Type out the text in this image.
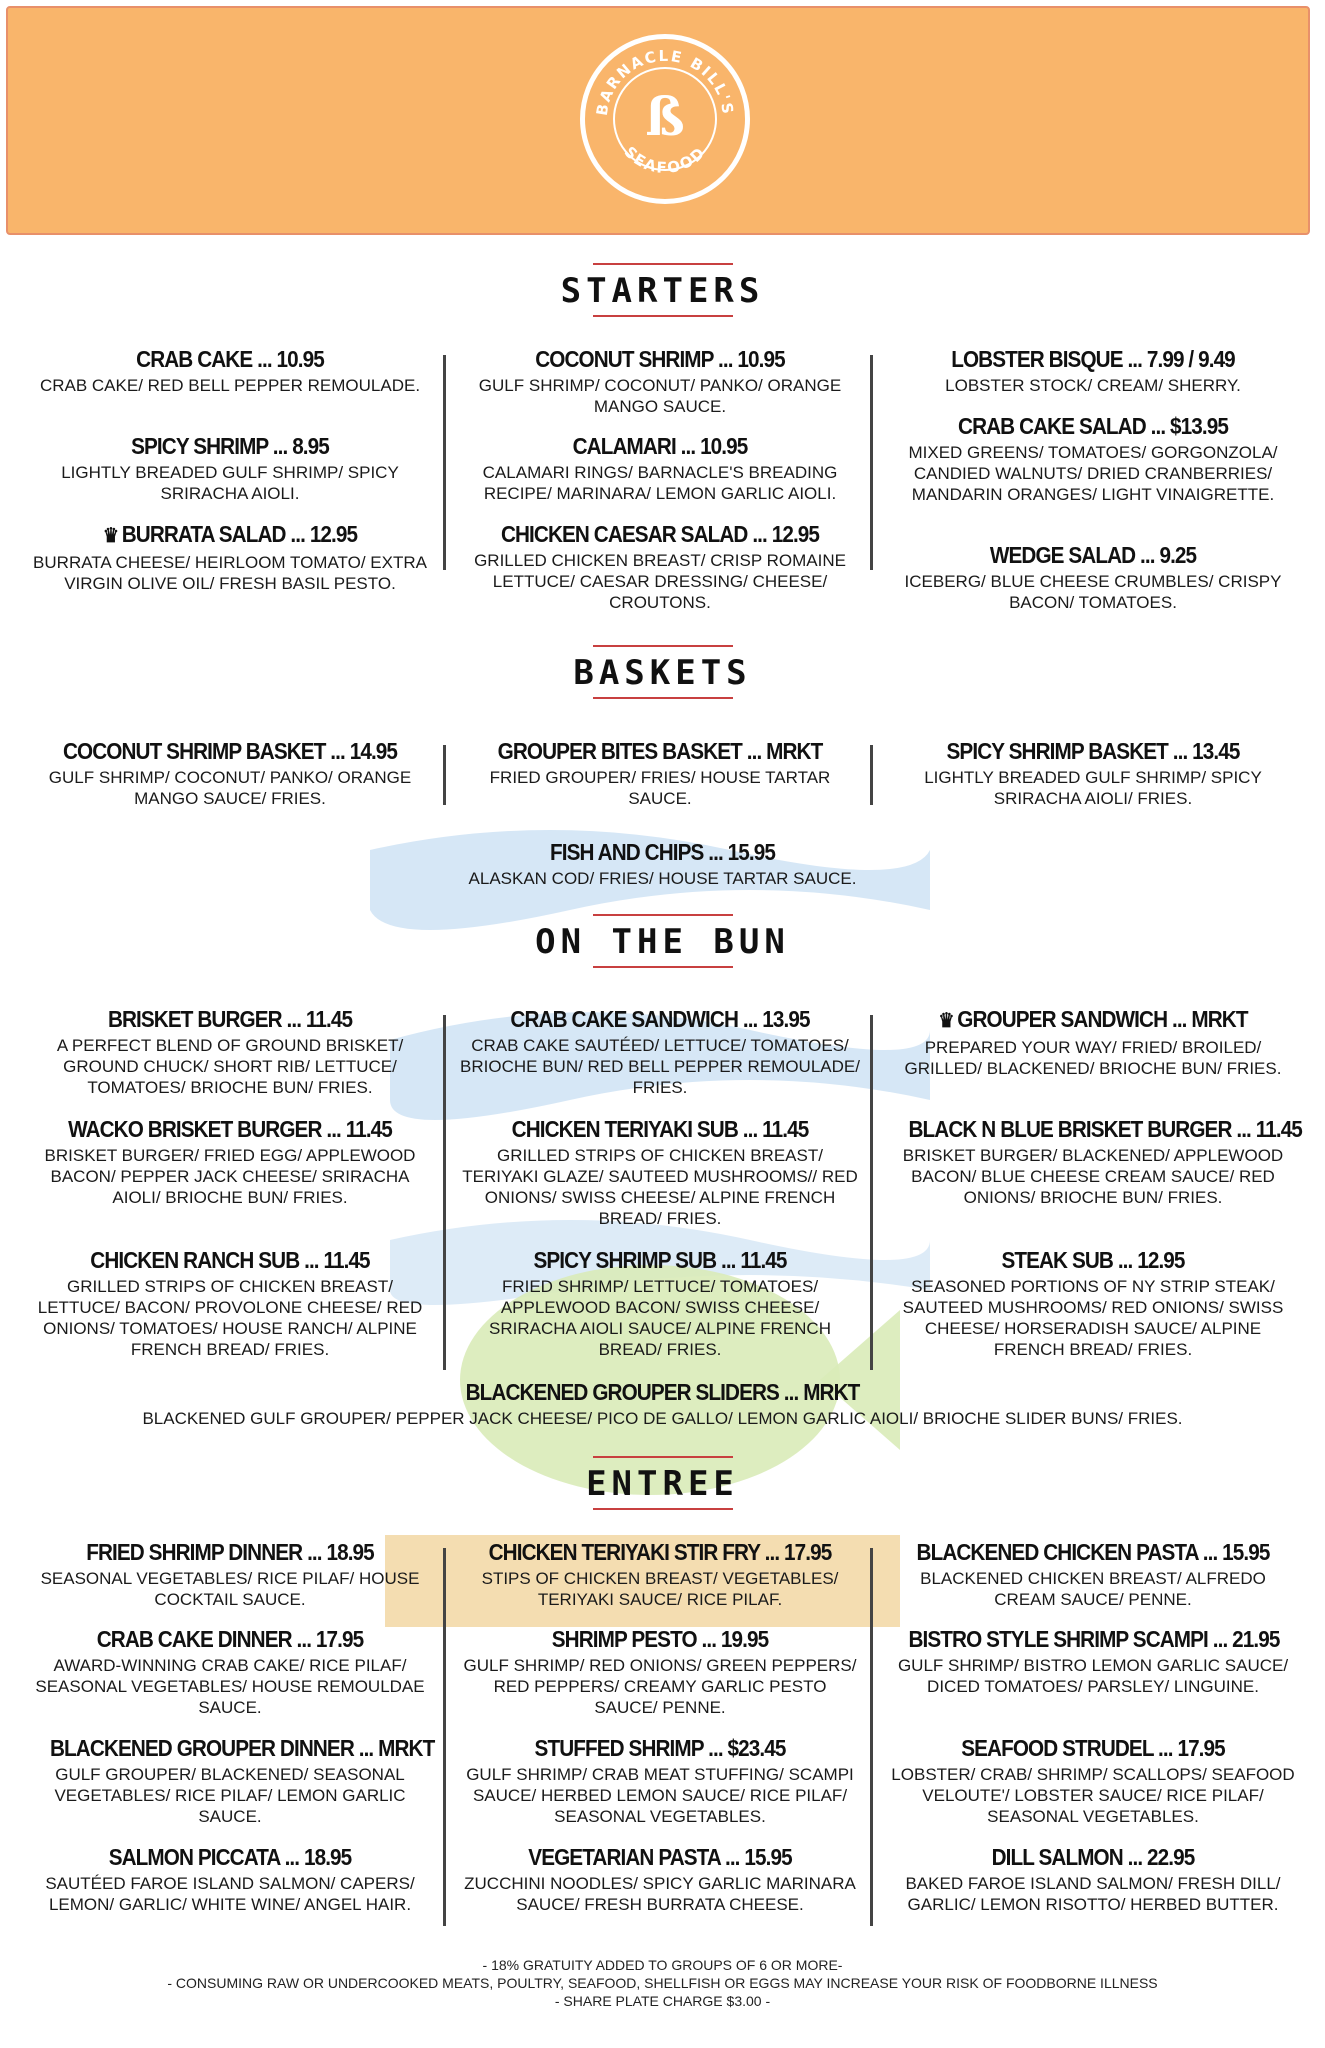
BARNACLE BILL'S
SEAFOOD
ß
STARTERS
CRAB CAKE ... 10.95
CRAB CAKE/ RED BELL PEPPER REMOULADE.
SPICY SHRIMP ... 8.95
LIGHTLY BREADED GULF SHRIMP/ SPICY SRIRACHA AIOLI.
♛ BURRATA SALAD ... 12.95
BURRATA CHEESE/ HEIRLOOM TOMATO/ EXTRA VIRGIN OLIVE OIL/ FRESH BASIL PESTO.
COCONUT SHRIMP ... 10.95
GULF SHRIMP/ COCONUT/ PANKO/ ORANGE MANGO SAUCE.
CALAMARI ... 10.95
CALAMARI RINGS/ BARNACLE'S BREADING RECIPE/ MARINARA/ LEMON GARLIC AIOLI.
CHICKEN CAESAR SALAD ... 12.95
GRILLED CHICKEN BREAST/ CRISP ROMAINE LETTUCE/ CAESAR DRESSING/ CHEESE/ CROUTONS.
LOBSTER BISQUE ... 7.99 / 9.49
LOBSTER STOCK/ CREAM/ SHERRY.
CRAB CAKE SALAD ... $13.95
MIXED GREENS/ TOMATOES/ GORGONZOLA/ CANDIED WALNUTS/ DRIED CRANBERRIES/ MANDARIN ORANGES/ LIGHT VINAIGRETTE.
WEDGE SALAD ... 9.25
ICEBERG/ BLUE CHEESE CRUMBLES/ CRISPY BACON/ TOMATOES.
BASKETS
COCONUT SHRIMP BASKET ... 14.95
GULF SHRIMP/ COCONUT/ PANKO/ ORANGE MANGO SAUCE/ FRIES.
GROUPER BITES BASKET ... MRKT
FRIED GROUPER/ FRIES/ HOUSE TARTAR SAUCE.
SPICY SHRIMP BASKET ... 13.45
LIGHTLY BREADED GULF SHRIMP/ SPICY SRIRACHA AIOLI/ FRIES.
FISH AND CHIPS ... 15.95
ALASKAN COD/ FRIES/ HOUSE TARTAR SAUCE.
ON THE BUN
BRISKET BURGER ... 11.45
A PERFECT BLEND OF GROUND BRISKET/ GROUND CHUCK/ SHORT RIB/ LETTUCE/ TOMATOES/ BRIOCHE BUN/ FRIES.
WACKO BRISKET BURGER ... 11.45
BRISKET BURGER/ FRIED EGG/ APPLEWOOD BACON/ PEPPER JACK CHEESE/ SRIRACHA AIOLI/ BRIOCHE BUN/ FRIES.
CHICKEN RANCH SUB ... 11.45
GRILLED STRIPS OF CHICKEN BREAST/ LETTUCE/ BACON/ PROVOLONE CHEESE/ RED ONIONS/ TOMATOES/ HOUSE RANCH/ ALPINE FRENCH BREAD/ FRIES.
CRAB CAKE SANDWICH ... 13.95
CRAB CAKE SAUTÉED/ LETTUCE/ TOMATOES/ BRIOCHE BUN/ RED BELL PEPPER REMOULADE/ FRIES.
CHICKEN TERIYAKI SUB ... 11.45
GRILLED STRIPS OF CHICKEN BREAST/ TERIYAKI GLAZE/ SAUTEED MUSHROOMS// RED ONIONS/ SWISS CHEESE/ ALPINE FRENCH BREAD/ FRIES.
SPICY SHRIMP SUB ... 11.45
FRIED SHRIMP/ LETTUCE/ TOMATOES/ APPLEWOOD BACON/ SWISS CHEESE/ SRIRACHA AIOLI SAUCE/ ALPINE FRENCH BREAD/ FRIES.
♛ GROUPER SANDWICH ... MRKT
PREPARED YOUR WAY/ FRIED/ BROILED/ GRILLED/ BLACKENED/ BRIOCHE BUN/ FRIES.
BLACK N BLUE BRISKET BURGER ... 11.45
BRISKET BURGER/ BLACKENED/ APPLEWOOD BACON/ BLUE CHEESE CREAM SAUCE/ RED ONIONS/ BRIOCHE BUN/ FRIES.
STEAK SUB ... 12.95
SEASONED PORTIONS OF NY STRIP STEAK/ SAUTEED MUSHROOMS/ RED ONIONS/ SWISS CHEESE/ HORSERADISH SAUCE/ ALPINE FRENCH BREAD/ FRIES.
BLACKENED GROUPER SLIDERS ... MRKT
BLACKENED GULF GROUPER/ PEPPER JACK CHEESE/ PICO DE GALLO/ LEMON GARLIC AIOLI/ BRIOCHE SLIDER BUNS/ FRIES.
ENTREE
FRIED SHRIMP DINNER ... 18.95
SEASONAL VEGETABLES/ RICE PILAF/ HOUSE COCKTAIL SAUCE.
CRAB CAKE DINNER ... 17.95
AWARD-WINNING CRAB CAKE/ RICE PILAF/ SEASONAL VEGETABLES/ HOUSE REMOULDAE SAUCE.
BLACKENED GROUPER DINNER ... MRKT
GULF GROUPER/ BLACKENED/ SEASONAL VEGETABLES/ RICE PILAF/ LEMON GARLIC SAUCE.
SALMON PICCATA ... 18.95
SAUTÉED FAROE ISLAND SALMON/ CAPERS/ LEMON/ GARLIC/ WHITE WINE/ ANGEL HAIR.
CHICKEN TERIYAKI STIR FRY ... 17.95
STIPS OF CHICKEN BREAST/ VEGETABLES/ TERIYAKI SAUCE/ RICE PILAF.
SHRIMP PESTO ... 19.95
GULF SHRIMP/ RED ONIONS/ GREEN PEPPERS/ RED PEPPERS/ CREAMY GARLIC PESTO SAUCE/ PENNE.
STUFFED SHRIMP ... $23.45
GULF SHRIMP/ CRAB MEAT STUFFING/ SCAMPI SAUCE/ HERBED LEMON SAUCE/ RICE PILAF/ SEASONAL VEGETABLES.
VEGETARIAN PASTA ... 15.95
ZUCCHINI NOODLES/ SPICY GARLIC MARINARA SAUCE/ FRESH BURRATA CHEESE.
BLACKENED CHICKEN PASTA ... 15.95
BLACKENED CHICKEN BREAST/ ALFREDO CREAM SAUCE/ PENNE.
BISTRO STYLE SHRIMP SCAMPI ... 21.95
GULF SHRIMP/ BISTRO LEMON GARLIC SAUCE/ DICED TOMATOES/ PARSLEY/ LINGUINE.
SEAFOOD STRUDEL ... 17.95
LOBSTER/ CRAB/ SHRIMP/ SCALLOPS/ SEAFOOD VELOUTE'/ LOBSTER SAUCE/ RICE PILAF/ SEASONAL VEGETABLES.
DILL SALMON ... 22.95
BAKED FAROE ISLAND SALMON/ FRESH DILL/ GARLIC/ LEMON RISOTTO/ HERBED BUTTER.
- 18% GRATUITY ADDED TO GROUPS OF 6 OR MORE-
- CONSUMING RAW OR UNDERCOOKED MEATS, POULTRY, SEAFOOD, SHELLFISH OR EGGS MAY INCREASE YOUR RISK OF FOODBORNE ILLNESS
- SHARE PLATE CHARGE $3.00 -
